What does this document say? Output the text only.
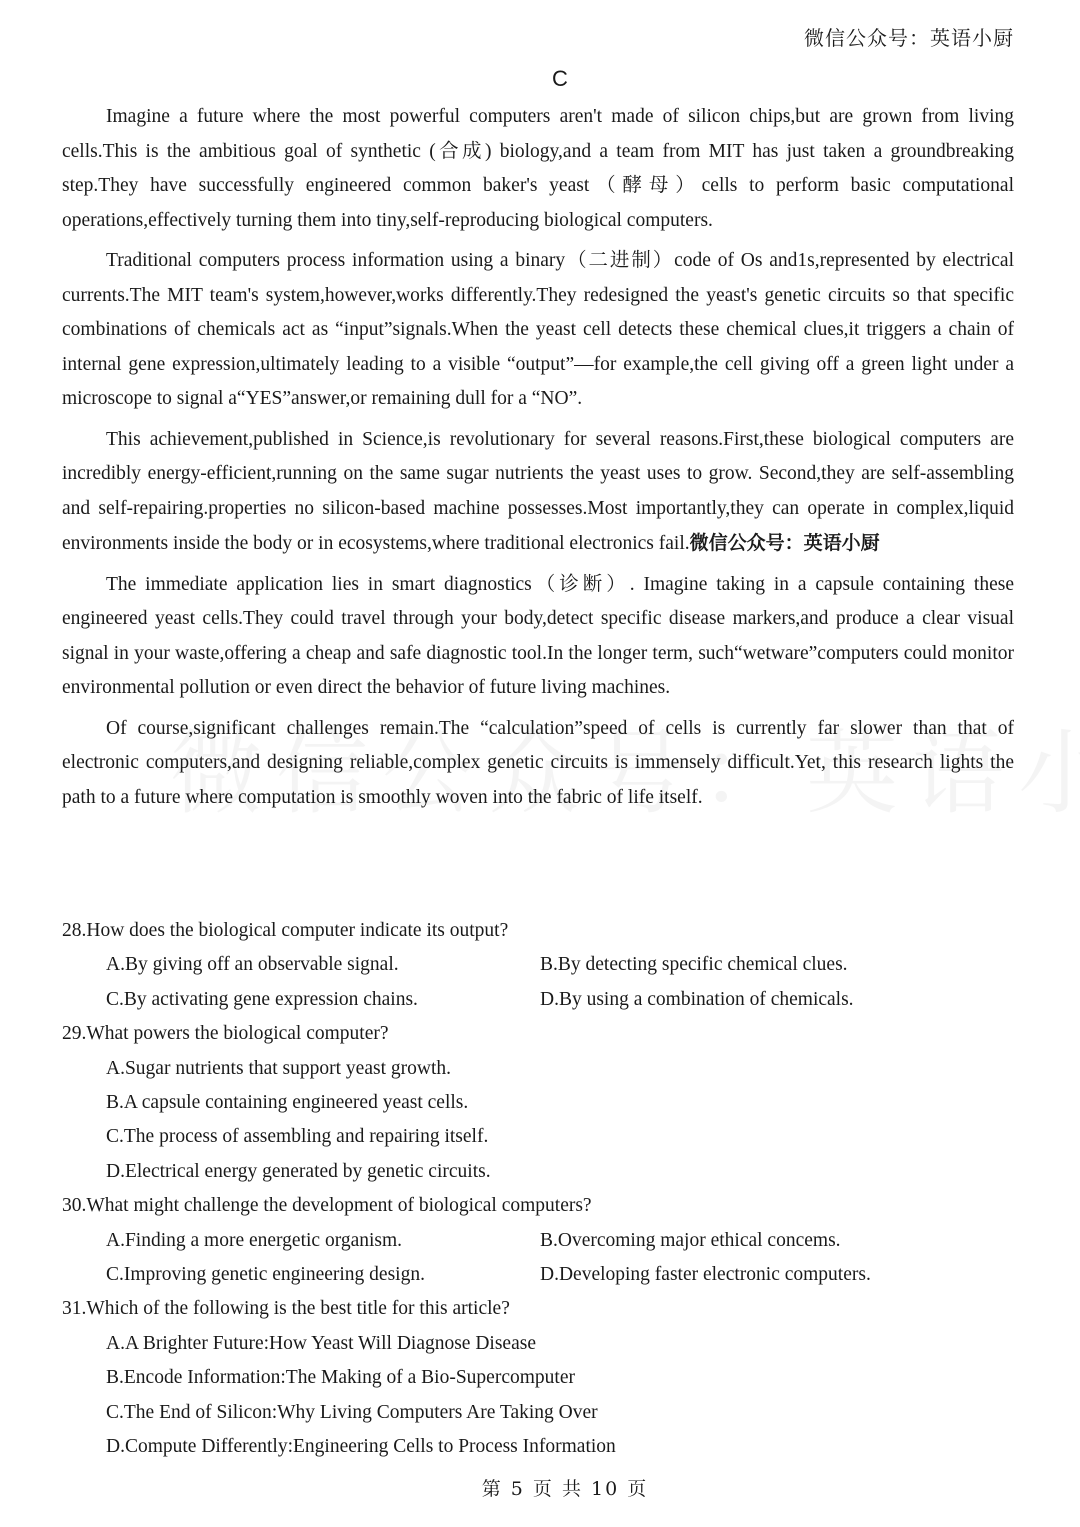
微信公众号：英语小厨
C

Imagine a future where the most powerful computers aren't made of silicon chips,but are grown from living cells.This is the ambitious goal of synthetic (合成) biology,and a team from MIT has just taken a groundbreaking step.They have successfully engineered common baker's yeast（酵母）cells to perform basic computational operations,effectively turning them into tiny,self-reproducing biological computers.

Traditional computers process information using a binary（二进制）code of Os and1s,represented by electrical currents.The MIT team's system,however,works differently.They redesigned the yeast's genetic circuits so that specific combinations of chemicals act as “input”signals.When the yeast cell detects these chemical clues,it triggers a chain of internal gene expression,ultimately leading to a visible “output”—for example,the cell giving off a green light under a microscope to signal a“YES”answer,or remaining dull for a “NO”.

This achievement,published in Science,is revolutionary for several reasons.First,these biological computers are incredibly energy-efficient,running on the same sugar nutrients the yeast uses to grow. Second,they are self-assembling and self-repairing.properties no silicon-based machine possesses.Most importantly,they can operate in complex,liquid environments inside the body or in ecosystems,where traditional electronics fail.微信公众号：英语小厨

The immediate application lies in smart diagnostics（诊断）. Imagine taking in a capsule containing these engineered yeast cells.They could travel through your body,detect specific disease markers,and produce a clear visual signal in your waste,offering a cheap and safe diagnostic tool.In the longer term, such“wetware”computers could monitor environmental pollution or even direct the behavior of future living machines.

Of course,significant challenges remain.The “calculation”speed of cells is currently far slower than that of electronic computers,and designing reliable,complex genetic circuits is immensely difficult.Yet, this research lights the path to a future where computation is smoothly woven into the fabric of life itself.

28.How does the biological computer indicate its output?

A.By giving off an observable signal.	B.By detecting specific chemical clues.
C.By activating gene expression chains.	D.By using a combination of chemicals.

29.What powers the biological computer?

A.Sugar nutrients that support yeast growth.
B.A capsule containing engineered yeast cells.
C.The process of assembling and repairing itself.
D.Electrical energy generated by genetic circuits.

30.What might challenge the development of biological computers?

A.Finding a more energetic organism.	B.Overcoming major ethical concems.
C.Improving genetic engineering design.	D.Developing faster electronic computers.

31.Which of the following is the best title for this article?

A.A Brighter Future:How Yeast Will Diagnose Disease
B.Encode Information:The Making of a Bio-Supercomputer
C.The End of Silicon:Why Living Computers Are Taking Over
D.Compute Differently:Engineering Cells to Process Information
第 5 页 共 10 页
